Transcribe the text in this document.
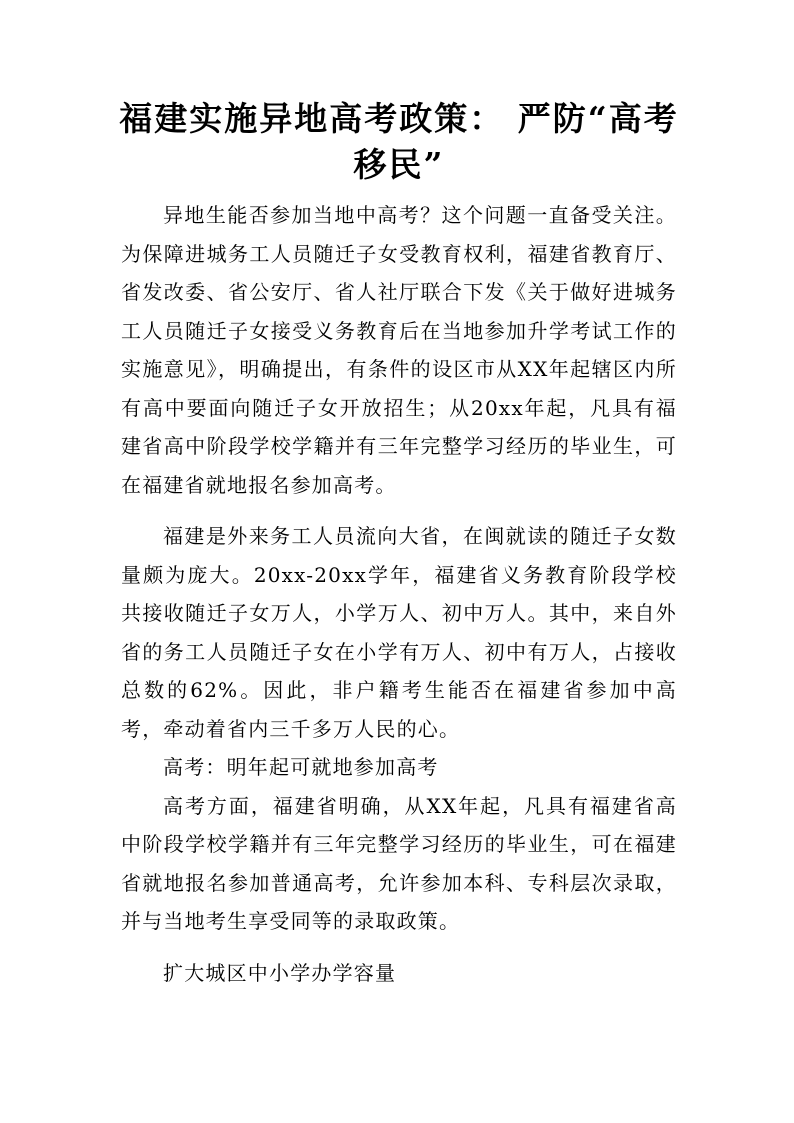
福建实施异地高考政策： 严防“高考移民”

异地生能否参加当地中高考？这个问题一直备受关注。为保障进城务工人员随迁子女受教育权利，福建省教育厅、省发改委、省公安厅、省人社厅联合下发《关于做好进城务工人员随迁子女接受义务教育后在当地参加升学考试工作的实施意见》，明确提出，有条件的设区市从XX年起辖区内所有高中要面向随迁子女开放招生；从20xx年起，凡具有福建省高中阶段学校学籍并有三年完整学习经历的毕业生，可在福建省就地报名参加高考。

福建是外来务工人员流向大省，在闽就读的随迁子女数量颇为庞大。20xx-20xx学年，福建省义务教育阶段学校共接收随迁子女万人，小学万人、初中万人。其中，来自外省的务工人员随迁子女在小学有万人、初中有万人，占接收总数的62%。因此，非户籍考生能否在福建省参加中高考，牵动着省内三千多万人民的心。

高考：明年起可就地参加高考

高考方面，福建省明确，从XX年起，凡具有福建省高中阶段学校学籍并有三年完整学习经历的毕业生，可在福建省就地报名参加普通高考，允许参加本科、专科层次录取，并与当地考生享受同等的录取政策。

扩大城区中小学办学容量
